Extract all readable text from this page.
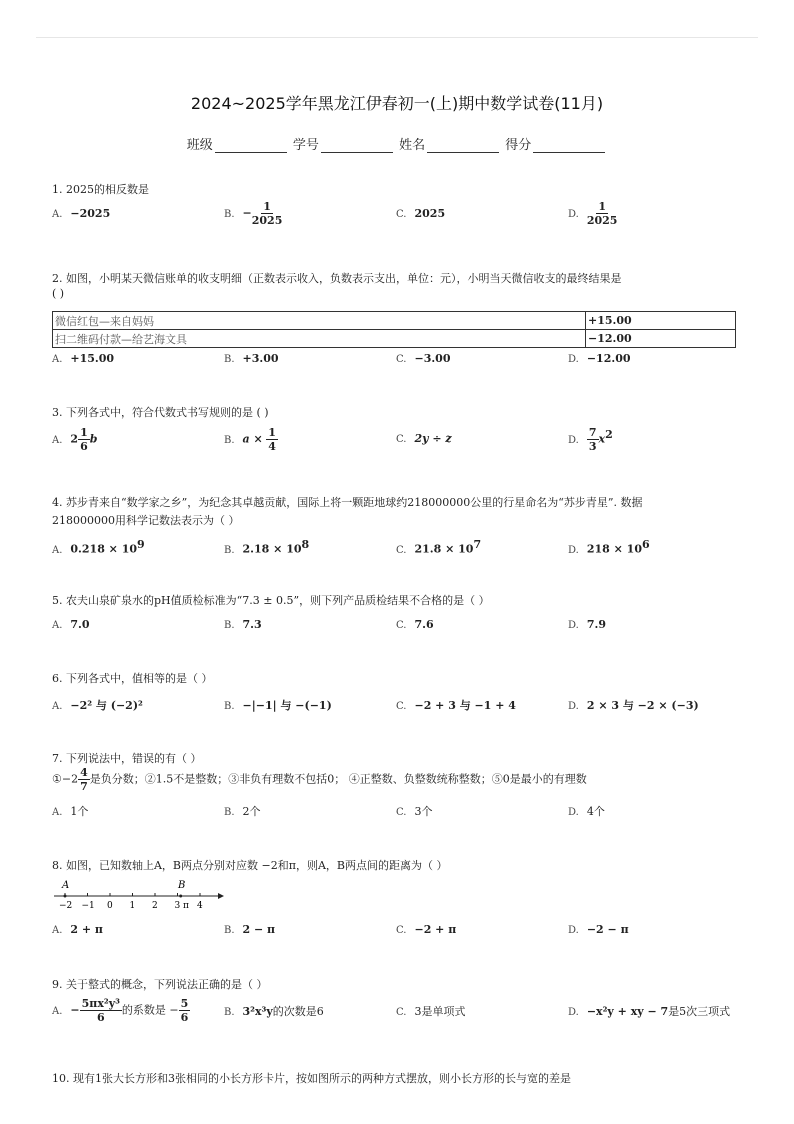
2024~2025学年黑龙江伊春初一(上)期中数学试卷(11月)
班级	学号	姓名	得分
1. 2025的相反数是
A. −2025	B. − $\frac{1}{2025}$	C. 2025	D. $\frac{1}{2025}$
2. 如图，小明某天微信账单的收支明细（正数表示收入，负数表示支出，单位：元），小明当天微信收支的最终结果是
( )
微信红包—来自妈妈	+15.00
扫二维码付款—给艺海文具	−12.00
A. +15.00	B. +3.00	C. −3.00	D. −12.00
3. 下列各式中，符合代数式书写规则的是 ( )
A. $2 \frac{1}{6}$ b	B. $a \times \frac{1}{4}$	C. 2y ÷ z	D. $\frac{7}{3} x^2$
4. 苏步青来自“数学家之乡”，为纪念其卓越贡献，国际上将一颗距地球约218000000公里的行星命名为“苏步青星”. 数据
218000000用科学记数法表示为（ ）
A. $0.218 \times 10^9$	B. $2.18 \times 10^8$	C. $21.8 \times 10^7$	D. $218 \times 10^6$
5. 农夫山泉矿泉水的pH值质检标准为“7.3 ± 0.5”，则下列产品质检结果不合格的是（ ）
A. 7.0	B. 7.3	C. 7.6	D. 7.9
6. 下列各式中，值相等的是（ ）
A. −2² 与 (−2)²	B. −|−1| 与 −(−1)	C. −2 + 3 与 −1 + 4	D. 2 × 3 与 −2 × (−3)
7. 下列说法中，错误的有（ ）
①−2 $\frac{4}{7}$ 是负分数；②1.5不是整数；③非负有理数不包括0； ④正整数、负整数统称整数；⑤0是最小的有理数
A. 1个	B. 2个	C. 3个	D. 4个
8. 如图，已知数轴上A，B两点分别对应数 −2和π，则A，B两点间的距离为（ ）
−2 −1 0 1 2 3 4
A	B
π
A. 2 + π	B. 2 − π	C. −2 + π	D. −2 − π
9. 关于整式的概念，下列说法正确的是（ ）
A. − $\frac{\text{5πx²y³}}{6}$ 的系数是 − $\frac{5}{6}$	B. 3²x³y的次数是6	C. 3是单项式	D. −x²y + xy − 7是5次三项式
10. 现有1张大长方形和3张相同的小长方形卡片，按如图所示的两种方式摆放，则小长方形的长与宽的差是
